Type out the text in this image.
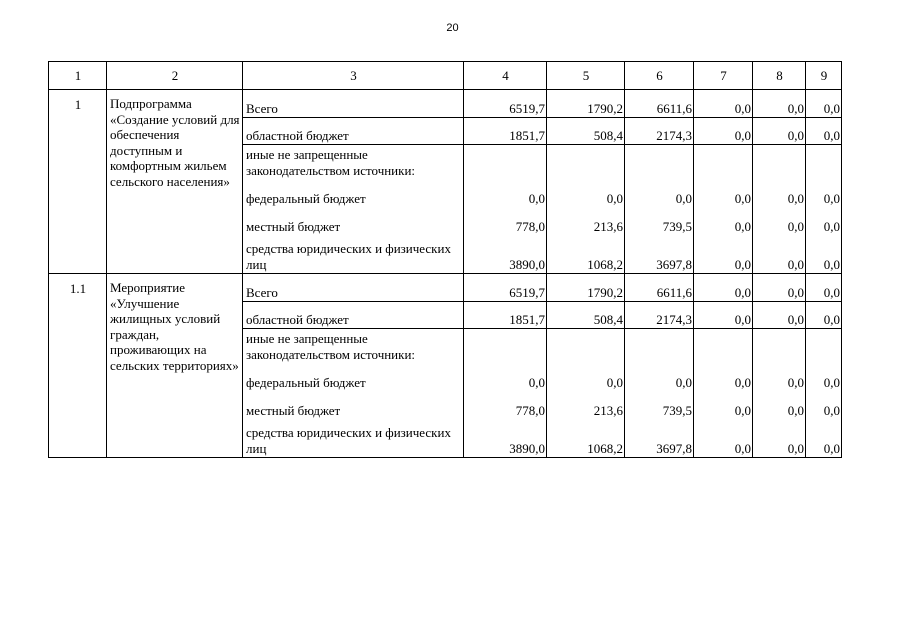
20
1	2	3	4	5	6	7	8	9
1	Подпрограмма «Создание условий для обеспечения доступным и комфортным жильем сельского населения»	Всего	6519,7	1790,2	6611,6	0,0	0,0	0,0
		областной бюджет	1851,7	508,4	2174,3	0,0	0,0	0,0
		иные не запрещенные законодательством источники:						
		федеральный бюджет	0,0	0,0	0,0	0,0	0,0	0,0
		местный бюджет	778,0	213,6	739,5	0,0	0,0	0,0
		средства юридических и физических лиц	3890,0	1068,2	3697,8	0,0	0,0	0,0
1.1	Мероприятие «Улучшение жилищных условий граждан, проживающих на сельских территориях»	Всего	6519,7	1790,2	6611,6	0,0	0,0	0,0
		областной бюджет	1851,7	508,4	2174,3	0,0	0,0	0,0
		иные не запрещенные законодательством источники:						
		федеральный бюджет	0,0	0,0	0,0	0,0	0,0	0,0
		местный бюджет	778,0	213,6	739,5	0,0	0,0	0,0
		средства юридических и физических лиц	3890,0	1068,2	3697,8	0,0	0,0	0,0
